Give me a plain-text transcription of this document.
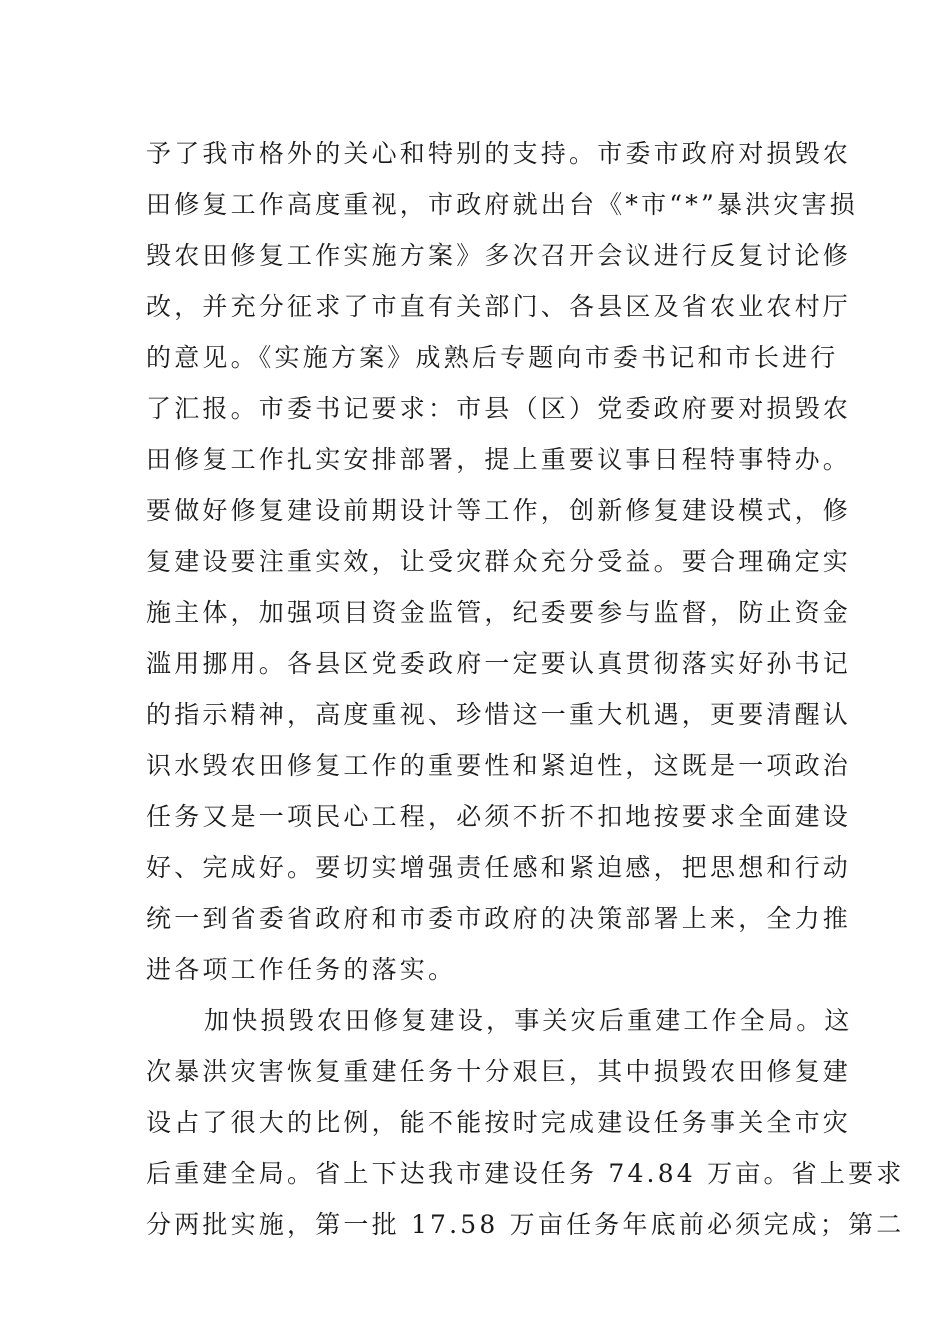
予了我市格外的关心和特别的支持。市委市政府对损毁农
田修复工作高度重视，市政府就出台《*市“*”暴洪灾害损
毁农田修复工作实施方案》多次召开会议进行反复讨论修
改，并充分征求了市直有关部门、各县区及省农业农村厅
的意见。《实施方案》成熟后专题向市委书记和市长进行
了汇报。市委书记要求：市县（区）党委政府要对损毁农
田修复工作扎实安排部署，提上重要议事日程特事特办。
要做好修复建设前期设计等工作，创新修复建设模式，修
复建设要注重实效，让受灾群众充分受益。要合理确定实
施主体，加强项目资金监管，纪委要参与监督，防止资金
滥用挪用。各县区党委政府一定要认真贯彻落实好孙书记
的指示精神，高度重视、珍惜这一重大机遇，更要清醒认
识水毁农田修复工作的重要性和紧迫性，这既是一项政治
任务又是一项民心工程，必须不折不扣地按要求全面建设
好、完成好。要切实增强责任感和紧迫感，把思想和行动
统一到省委省政府和市委市政府的决策部署上来，全力推
进各项工作任务的落实。
加快损毁农田修复建设，事关灾后重建工作全局。这
次暴洪灾害恢复重建任务十分艰巨，其中损毁农田修复建
设占了很大的比例，能不能按时完成建设任务事关全市灾
后重建全局。省上下达我市建设任务 74.84 万亩。省上要求
分两批实施，第一批 17.58 万亩任务年底前必须完成；第二
